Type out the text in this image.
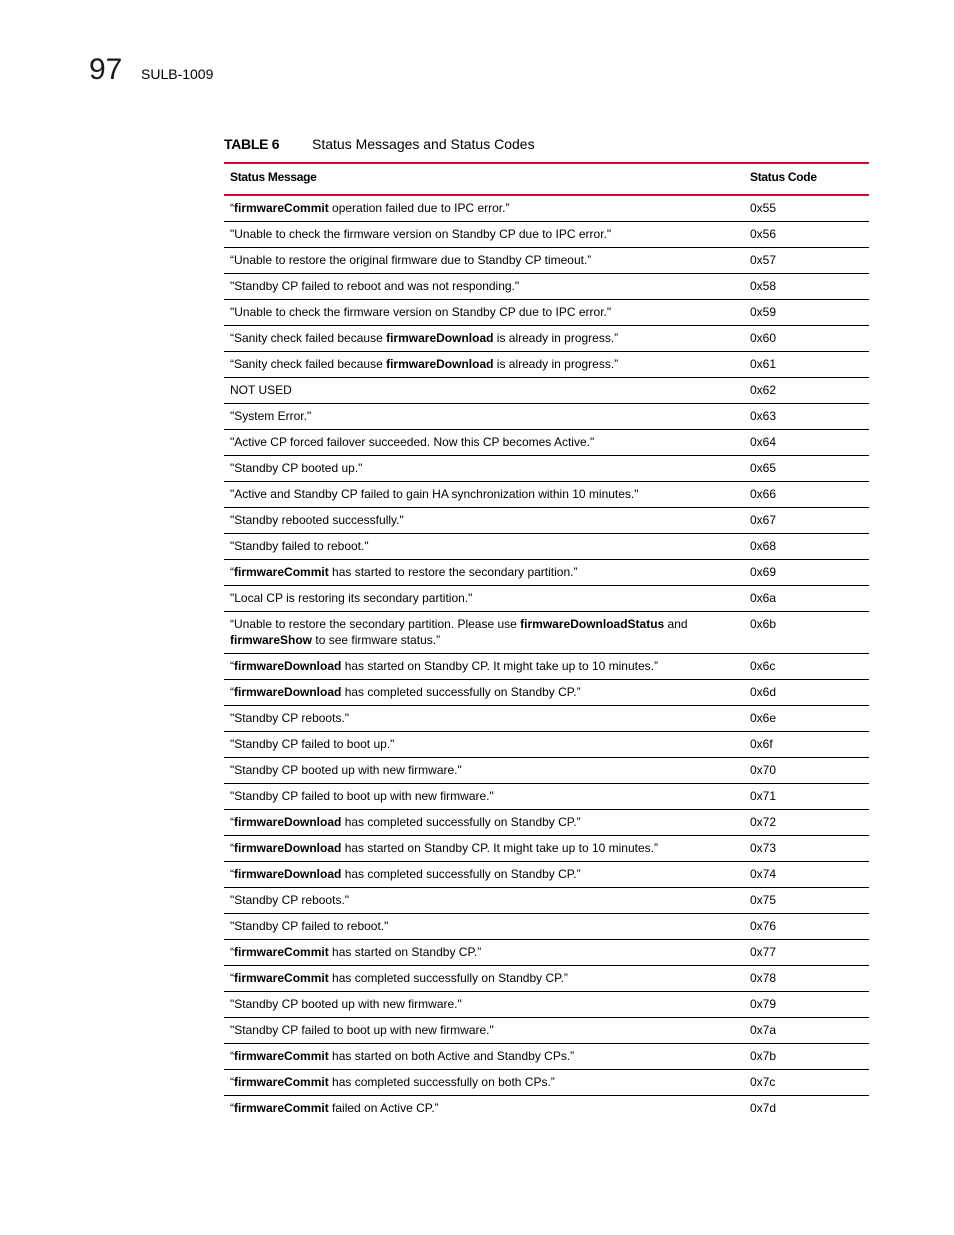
97 SULB-1009
TABLE 6 Status Messages and Status Codes
Status Message	Status Code
“firmwareCommit operation failed due to IPC error.”	0x55
"Unable to check the firmware version on Standby CP due to IPC error."	0x56
“Unable to restore the original firmware due to Standby CP timeout.”	0x57
"Standby CP failed to reboot and was not responding."	0x58
"Unable to check the firmware version on Standby CP due to IPC error."	0x59
“Sanity check failed because firmwareDownload is already in progress.”	0x60
“Sanity check failed because firmwareDownload is already in progress.”	0x61
NOT USED	0x62
"System Error."	0x63
"Active CP forced failover succeeded. Now this CP becomes Active."	0x64
"Standby CP booted up."	0x65
"Active and Standby CP failed to gain HA synchronization within 10 minutes."	0x66
"Standby rebooted successfully."	0x67
"Standby failed to reboot."	0x68
“firmwareCommit has started to restore the secondary partition.”	0x69
"Local CP is restoring its secondary partition."	0x6a
“Unable to restore the secondary partition. Please use firmwareDownloadStatus and firmwareShow to see firmware status.”	0x6b
“firmwareDownload has started on Standby CP. It might take up to 10 minutes.”	0x6c
“firmwareDownload has completed successfully on Standby CP.”	0x6d
"Standby CP reboots."	0x6e
"Standby CP failed to boot up."	0x6f
"Standby CP booted up with new firmware."	0x70
"Standby CP failed to boot up with new firmware."	0x71
“firmwareDownload has completed successfully on Standby CP.”	0x72
“firmwareDownload has started on Standby CP. It might take up to 10 minutes.”	0x73
“firmwareDownload has completed successfully on Standby CP.”	0x74
"Standby CP reboots."	0x75
"Standby CP failed to reboot."	0x76
“firmwareCommit has started on Standby CP.”	0x77
“firmwareCommit has completed successfully on Standby CP.”	0x78
"Standby CP booted up with new firmware."	0x79
"Standby CP failed to boot up with new firmware."	0x7a
“firmwareCommit has started on both Active and Standby CPs.”	0x7b
“firmwareCommit has completed successfully on both CPs.”	0x7c
“firmwareCommit failed on Active CP.”	0x7d
